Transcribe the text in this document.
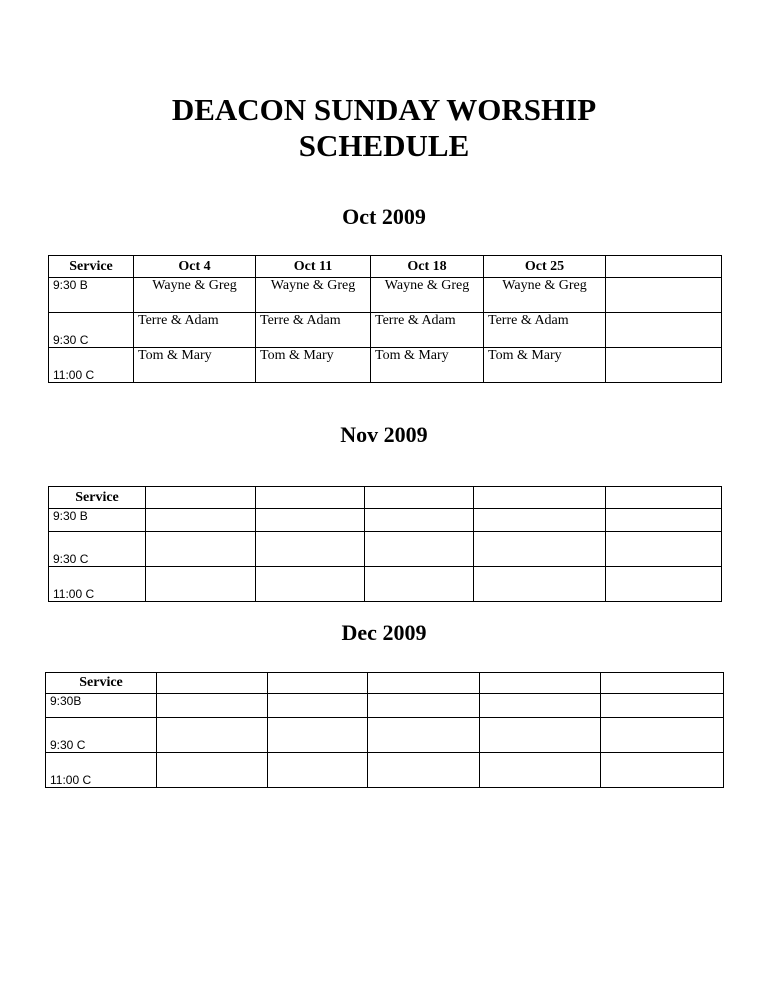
DEACON SUNDAY WORSHIP
SCHEDULE
Oct 2009
Service	Oct 4	Oct 11	Oct 18	Oct 25	
9:30 B	Wayne & Greg	Wayne & Greg	Wayne & Greg	Wayne & Greg	
9:30 C	Terre & Adam	Terre & Adam	Terre & Adam	Terre & Adam	
11:00 C	Tom & Mary	Tom & Mary	Tom & Mary	Tom & Mary	
Nov 2009
Service					
9:30 B					
9:30 C					
11:00 C					
Dec 2009
Service					
9:30B					
9:30 C					
11:00 C					
